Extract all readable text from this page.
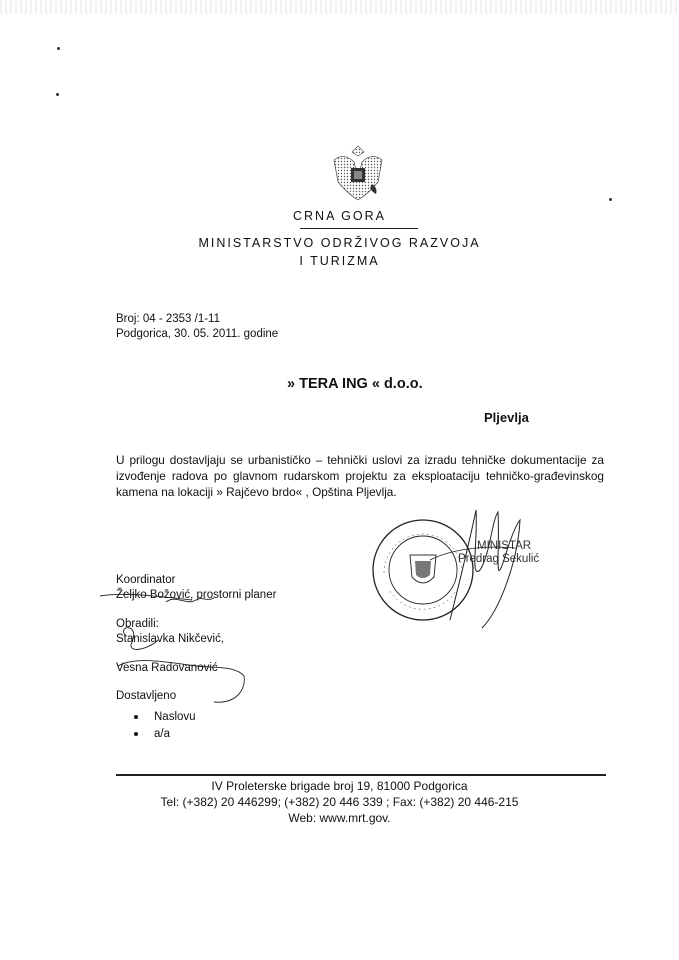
CRNA GORA
MINISTARSTVO ODRŽIVOG RAZVOJA
I TURIZMA
Broj: 04 - 2353 /1-11
Podgorica, 30. 05. 2011. godine
» TERA ING « d.o.o.
Pljevlja
U prilogu dostavljaju se urbanističko – tehnički uslovi za izradu tehničke dokumentacije za izvođenje radova po glavnom rudarskom projektu za eksploataciju tehničko-građevinskog kamena na lokaciji » Rajčevo brdo« , Opština Pljevlja.
MINISTAR
Predrag Sekulić
Koordinator
Željko Božović, prostorni planer
Obradili:
Stanislavka Nikčević,
Vesna Radovanović
Dostavljeno
Naslovu
a/a
IV Proleterske brigade broj 19, 81000 Podgorica
Tel: (+382) 20 446299; (+382) 20 446 339 ; Fax: (+382) 20 446-215
Web: www.mrt.gov.
